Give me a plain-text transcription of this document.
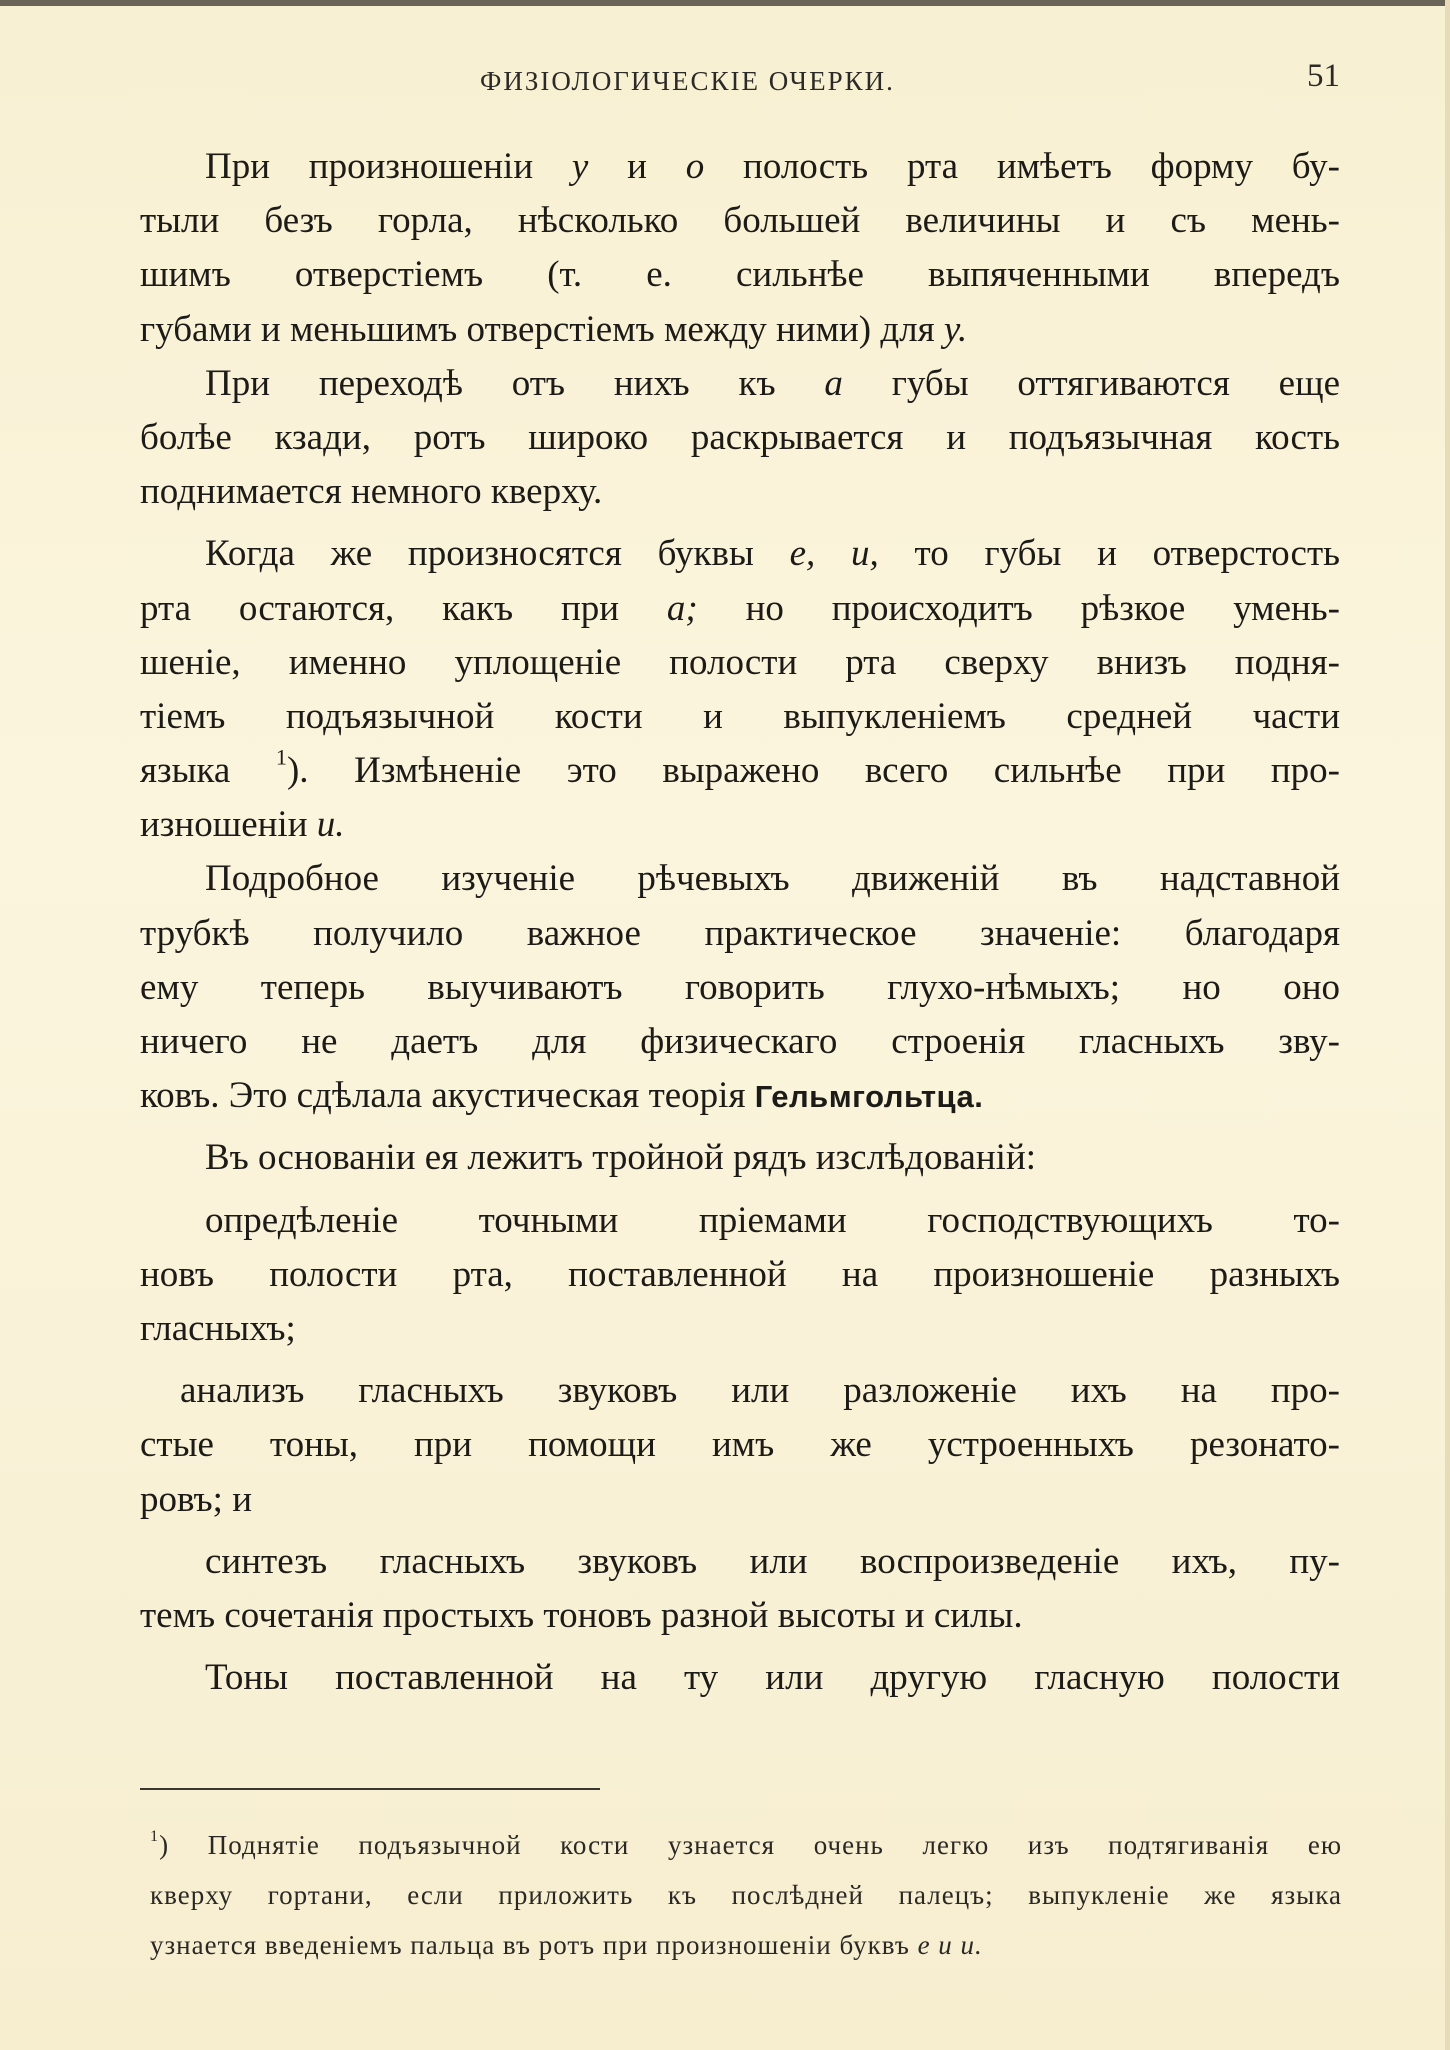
ФИЗIОЛОГИЧЕСКIЕ ОЧЕРКИ.	51
При произношенiи у и о полость рта имѣетъ форму бу-
тыли безъ горла, нѣсколько большей величины и съ мень-
шимъ отверстiемъ (т. е. сильнѣе выпяченными впередъ
губами и меньшимъ отверстiемъ между ними) для у.
При переходѣ отъ нихъ къ а губы оттягиваются еще
болѣе кзади, ротъ широко раскрывается и подъязычная кость
поднимается немного кверху.
Когда же произносятся буквы е, и, то губы и отверстость
рта остаются, какъ при а; но происходитъ рѣзкое умень-
шенiе, именно уплощенiе полости рта сверху внизъ подня-
тiемъ подъязычной кости и выпукленiемъ средней части
языка $^1$). Измѣненiе это выражено всего сильнѣе при про-
изношенiи и.
Подробное изученiе рѣчевыхъ движенiй въ надставной
трубкѣ получило важное практическое значенiе: благодаря
ему теперь выучиваютъ говорить глухо-нѣмыхъ; но оно
ничего не даетъ для физическаго строенiя гласныхъ зву-
ковъ. Это сдѣлала акустическая теорiя Гельмгольтца.
Въ основанiи ея лежитъ тройной рядъ изслѣдованiй:
опредѣленiе точными прiемами господствующихъ то-
новъ полости рта, поставленной на произношенiе разныхъ
гласныхъ;
анализъ гласныхъ звуковъ или разложенiе ихъ на про-
стые тоны, при помощи имъ же устроенныхъ резонато-
ровъ; и
синтезъ гласныхъ звуковъ или воспроизведенiе ихъ, пу-
темъ сочетанiя простыхъ тоновъ разной высоты и силы.
Тоны поставленной на ту или другую гласную полости
$^1$) Поднятiе подъязычной кости узнается очень легко изъ подтягиванiя ею
кверху гортани, если приложить къ послѣдней палецъ; выпукленiе же языка
узнается введенiемъ пальца въ ротъ при произношенiи буквъ е и и.
